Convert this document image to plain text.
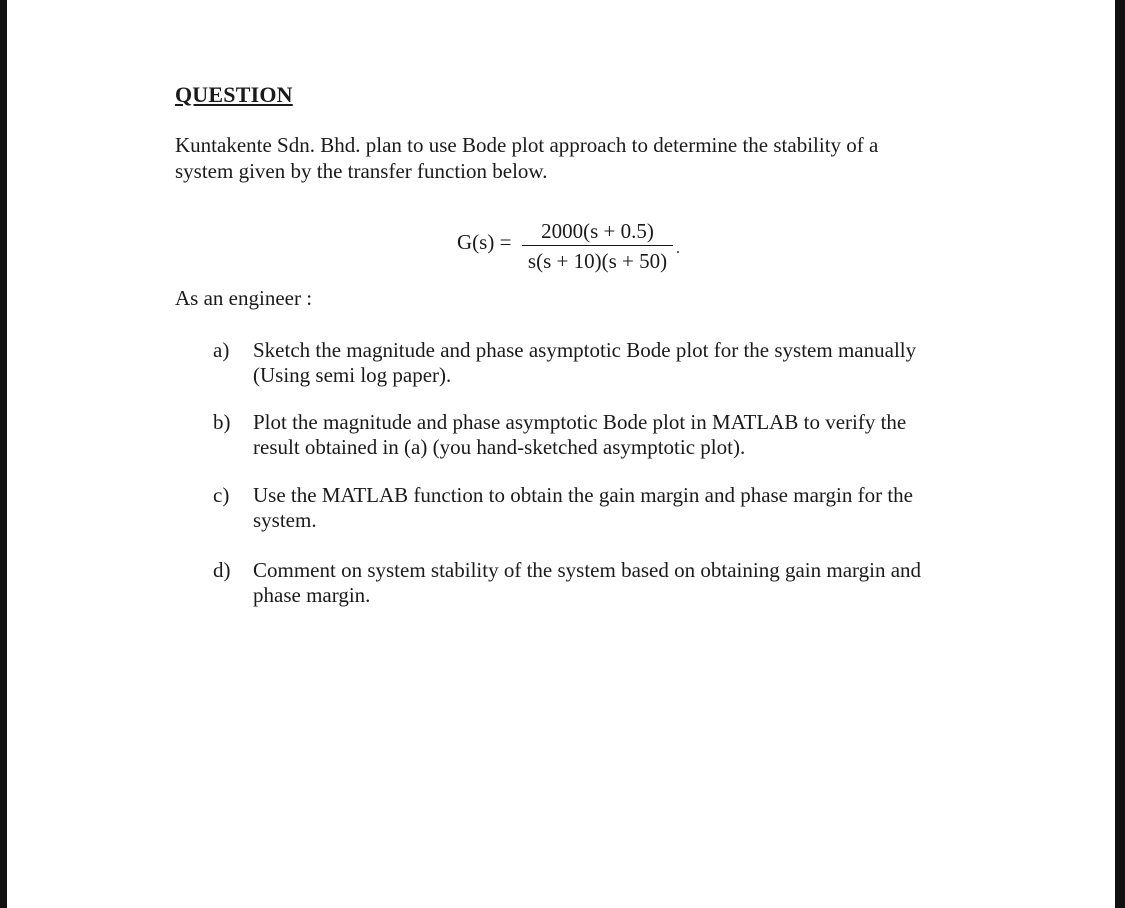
QUESTION
Kuntakente Sdn. Bhd. plan to use Bode plot approach to determine the stability of a
system given by the transfer function below.
G(s) =	2000(s + 0.5)
s(s + 10)(s + 50)
.
As an engineer :
a) Sketch the magnitude and phase asymptotic Bode plot for the system manually
(Using semi log paper).
b) Plot the magnitude and phase asymptotic Bode plot in MATLAB to verify the
result obtained in (a) (you hand-sketched asymptotic plot).
c) Use the MATLAB function to obtain the gain margin and phase margin for the
system.
d) Comment on system stability of the system based on obtaining gain margin and
phase margin.
